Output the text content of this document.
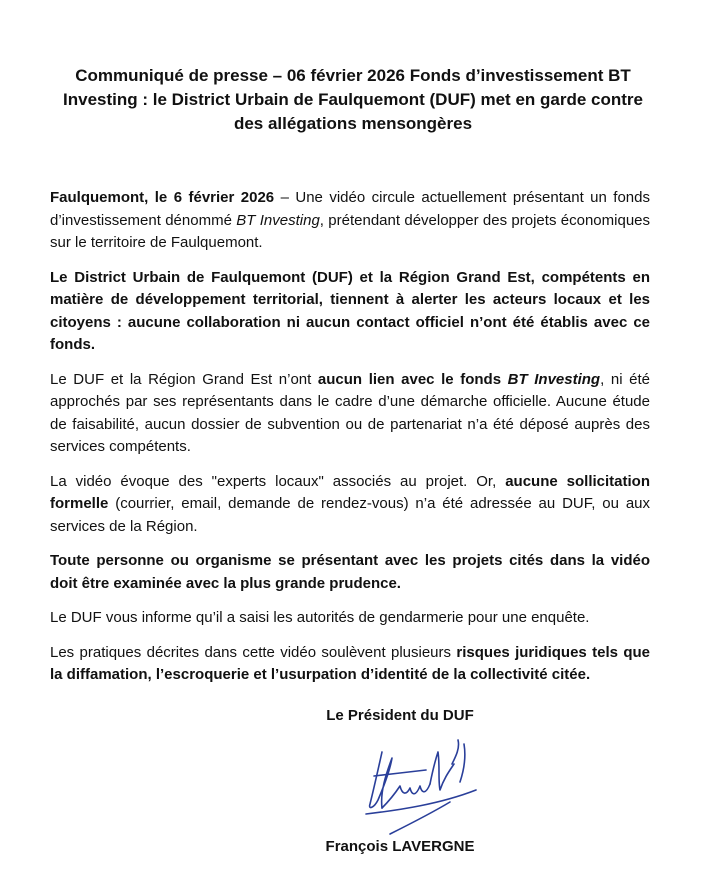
Communiqué de presse – 06 février 2026 Fonds d’investissement BT Investing : le District Urbain de Faulquemont (DUF) met en garde contre des allégations mensongères

Faulquemont, le 6 février 2026 – Une vidéo circule actuellement présentant un fonds d’investissement dénommé BT Investing, prétendant développer des projets économiques sur le territoire de Faulquemont.

Le District Urbain de Faulquemont (DUF) et la Région Grand Est, compétents en matière de développement territorial, tiennent à alerter les acteurs locaux et les citoyens : aucune collaboration ni aucun contact officiel n’ont été établis avec ce fonds.

Le DUF et la Région Grand Est n’ont aucun lien avec le fonds BT Investing, ni été approchés par ses représentants dans le cadre d’une démarche officielle. Aucune étude de faisabilité, aucun dossier de subvention ou de partenariat n’a été déposé auprès des services compétents.

La vidéo évoque des "experts locaux" associés au projet. Or, aucune sollicitation formelle (courrier, email, demande de rendez-vous) n’a été adressée au DUF, ou aux services de la Région.

Toute personne ou organisme se présentant avec les projets cités dans la vidéo doit être examinée avec la plus grande prudence.

Le DUF vous informe qu’il a saisi les autorités de gendarmerie pour une enquête.

Les pratiques décrites dans cette vidéo soulèvent plusieurs risques juridiques tels que la diffamation, l’escroquerie et l’usurpation d’identité de la collectivité citée.

Le Président du DUF
François LAVERGNE
